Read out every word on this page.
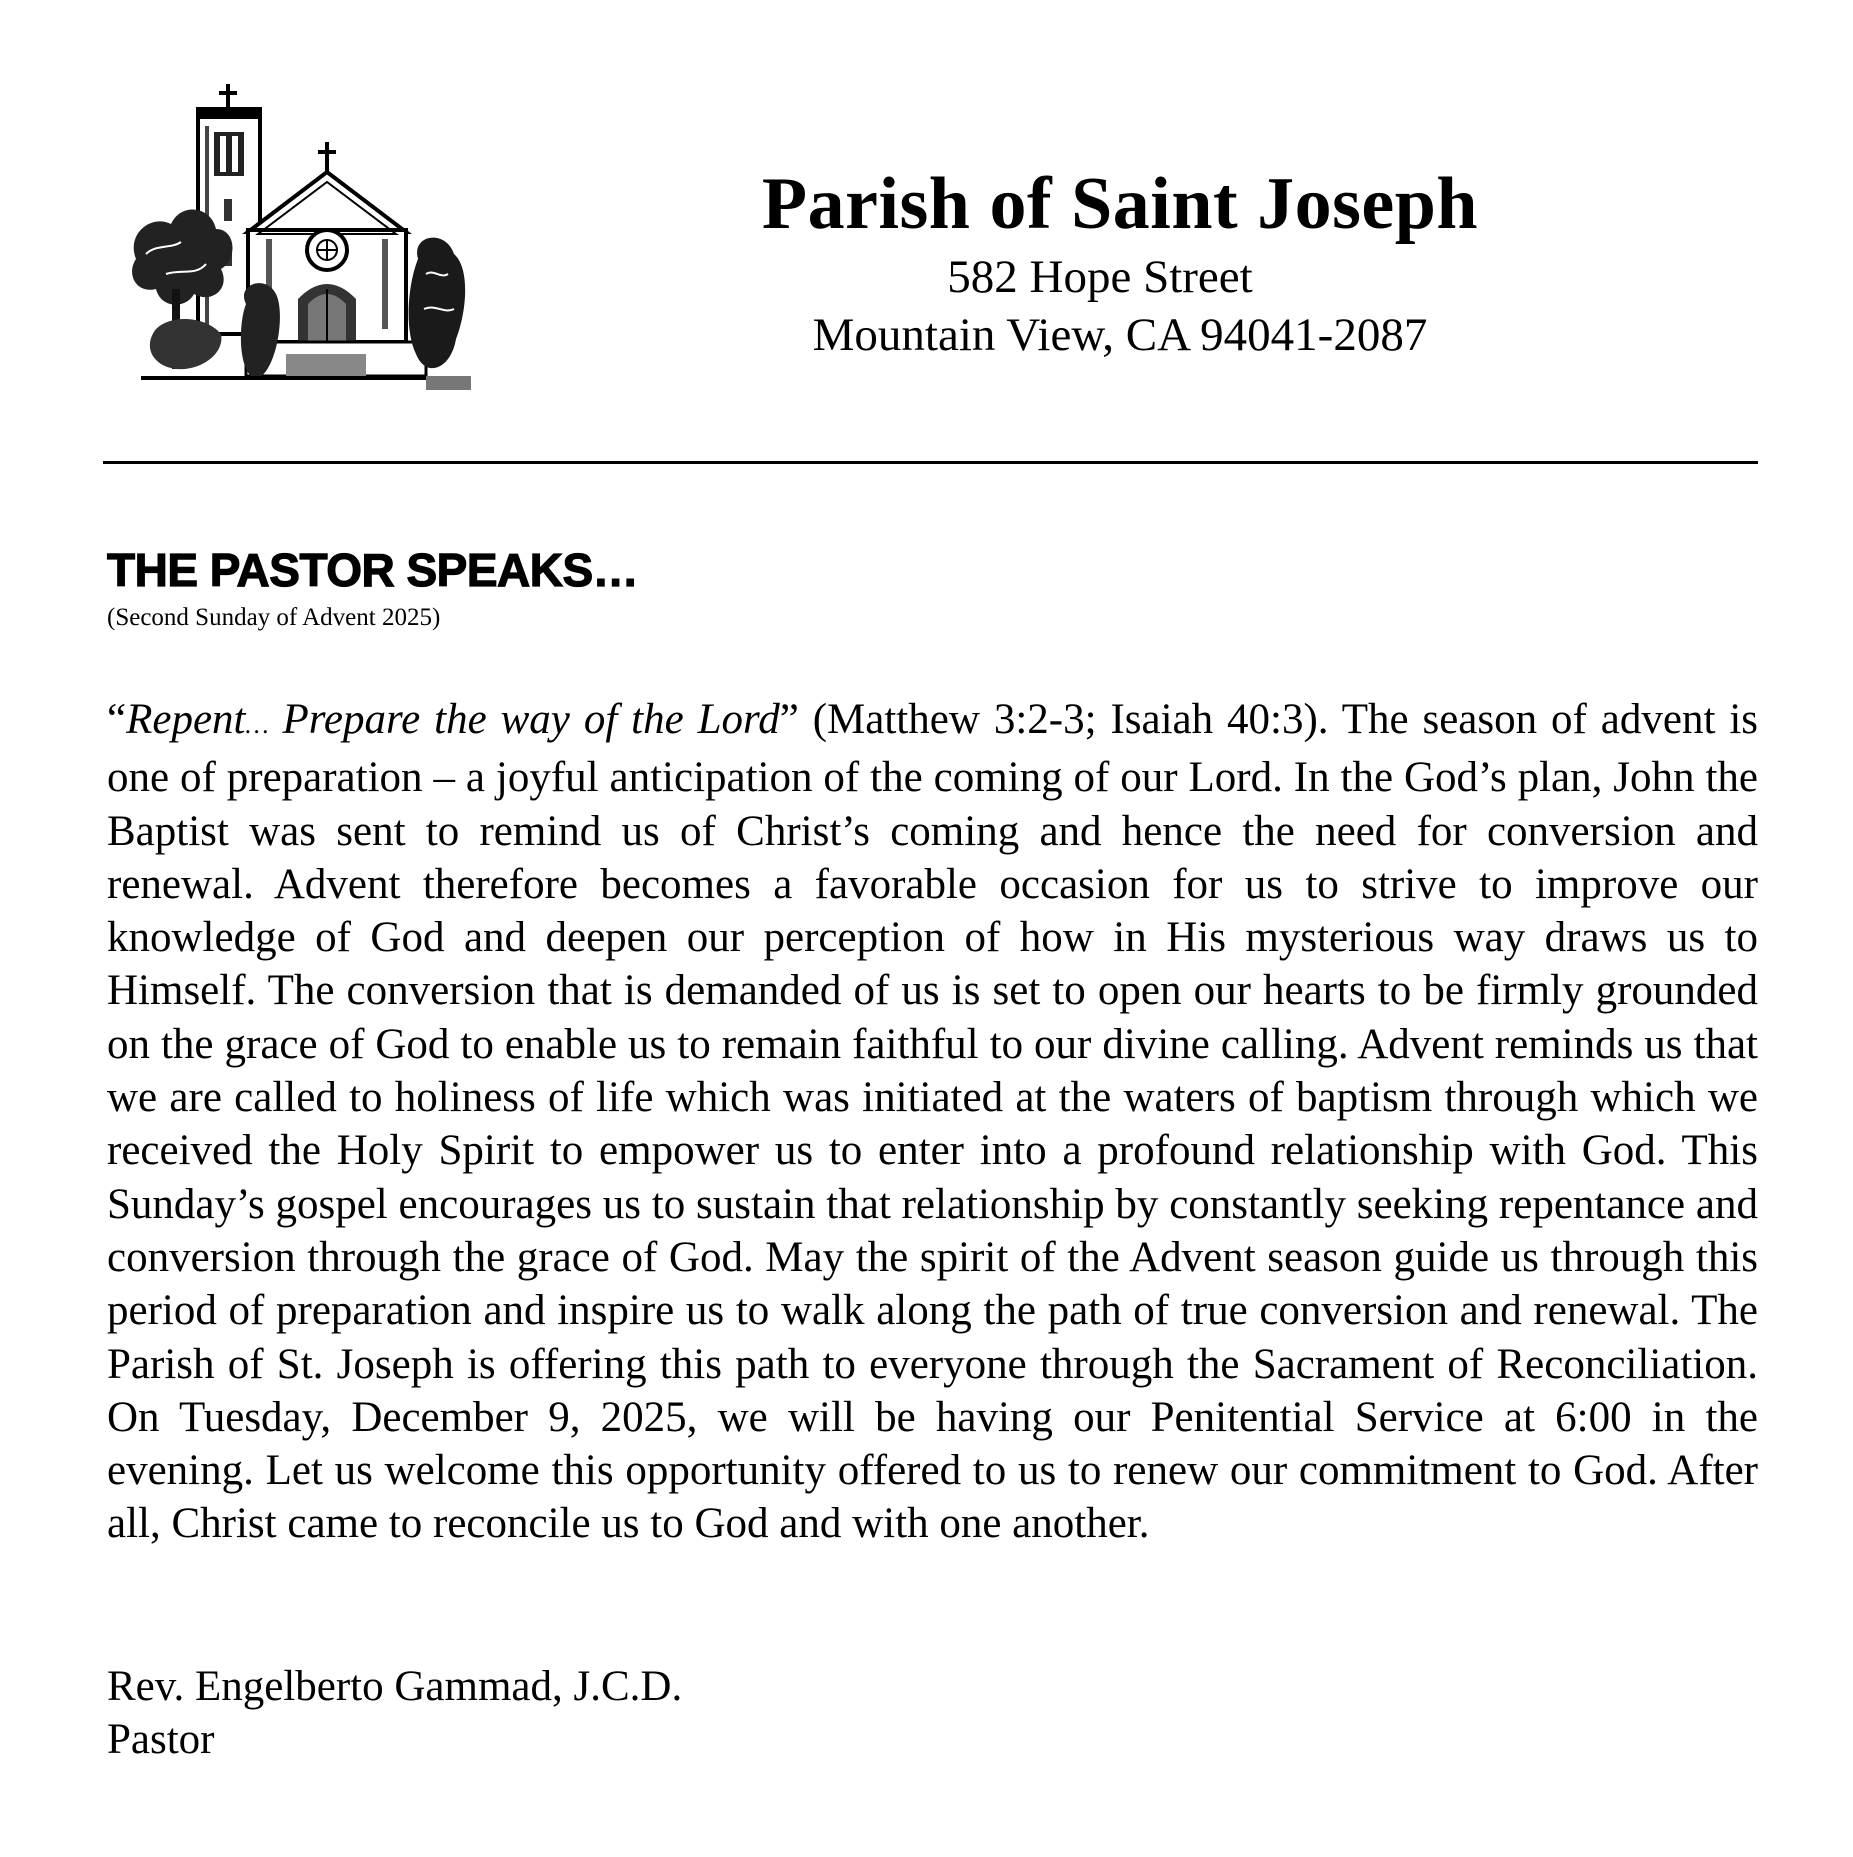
Parish of Saint Joseph
582 Hope Street
Mountain View, CA 94041-2087
THE PASTOR SPEAKS…
(Second Sunday of Advent 2025)
“Repent… Prepare the way of the Lord” (Matthew 3:2-3; Isaiah 40:3). The season of advent is one of preparation – a joyful anticipation of the coming of our Lord. In the God’s plan, John the Baptist was sent to remind us of Christ’s coming and hence the need for conversion and renewal. Advent therefore becomes a favorable occasion for us to strive to improve our knowledge of God and deepen our perception of how in His mysterious way draws us to Himself. The conversion that is demanded of us is set to open our hearts to be firmly grounded on the grace of God to enable us to remain faithful to our divine calling. Advent reminds us that we are called to holiness of life which was initiated at the waters of baptism through which we received the Holy Spirit to empower us to enter into a profound relationship with God. This Sunday’s gospel encourages us to sustain that relationship by constantly seeking repentance and conversion through the grace of God. May the spirit of the Advent season guide us through this period of preparation and inspire us to walk along the path of true conversion and renewal. The Parish of St. Joseph is offering this path to everyone through the Sacrament of Reconciliation. On Tuesday, December 9, 2025, we will be having our Penitential Service at 6:00 in the evening. Let us welcome this opportunity offered to us to renew our commitment to God. After all, Christ came to reconcile us to God and with one another.
Rev. Engelberto Gammad, J.C.D.
Pastor
